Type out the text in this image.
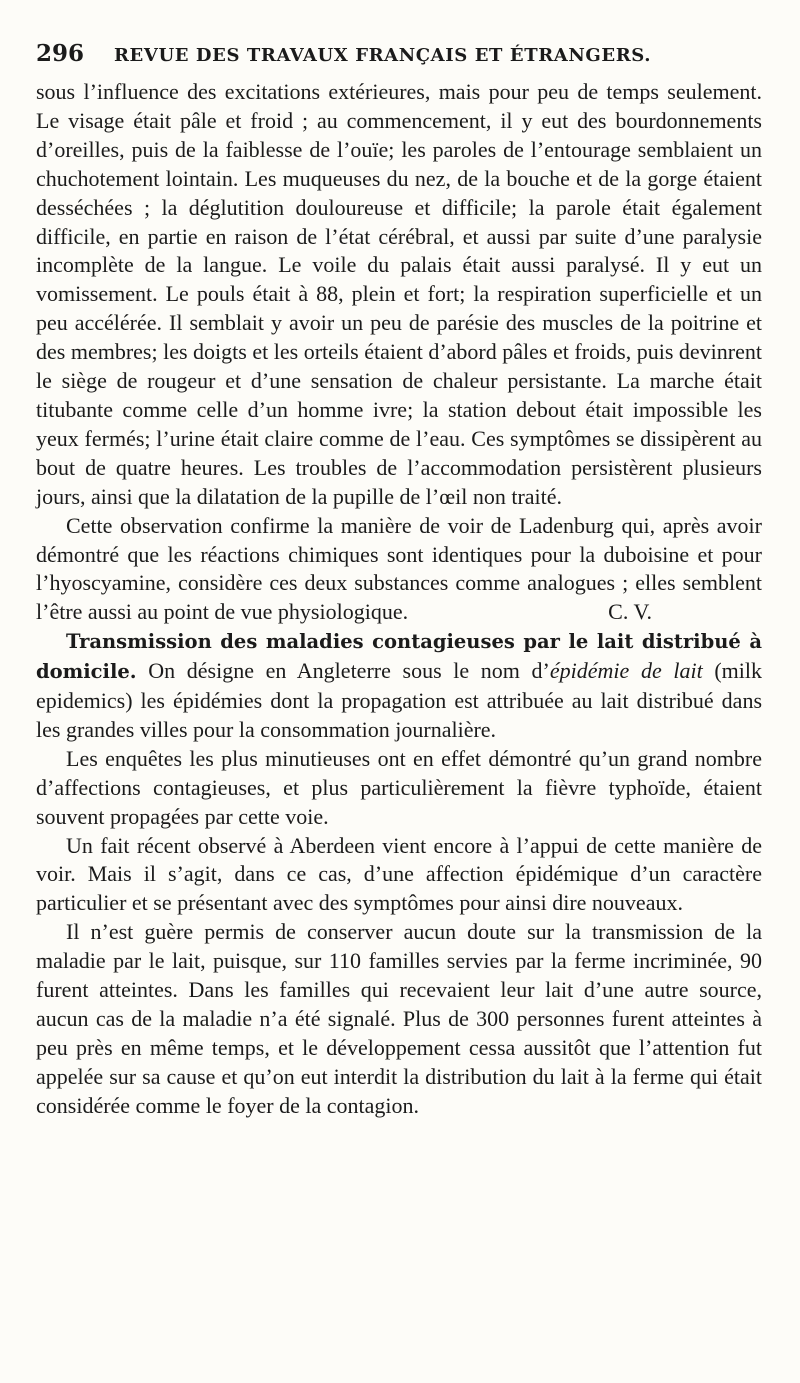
296	REVUE DES TRAVAUX FRANÇAIS ET ÉTRANGERS.

sous l’influence des excitations extérieures, mais pour peu de temps seulement. Le visage était pâle et froid ; au commencement, il y eut des bourdonnements d’oreilles, puis de la faiblesse de l’ouïe; les paroles de l’entourage semblaient un chuchotement lointain. Les muqueuses du nez, de la bouche et de la gorge étaient desséchées ; la déglutition douloureuse et difficile; la parole était également difficile, en partie en raison de l’état cérébral, et aussi par suite d’une paralysie incomplète de la langue. Le voile du palais était aussi paralysé. Il y eut un vomissement. Le pouls était à 88, plein et fort; la respiration superficielle et un peu accélérée. Il semblait y avoir un peu de parésie des muscles de la poitrine et des membres; les doigts et les orteils étaient d’abord pâles et froids, puis devinrent le siège de rougeur et d’une sensation de chaleur persistante. La marche était titubante comme celle d’un homme ivre; la station debout était impossible les yeux fermés; l’urine était claire comme de l’eau. Ces symptômes se dissipèrent au bout de quatre heures. Les troubles de l’accommodation persistèrent plusieurs jours, ainsi que la dilatation de la pupille de l’œil non traité.

Cette observation confirme la manière de voir de Ladenburg qui, après avoir démontré que les réactions chimiques sont identiques pour la duboisine et pour l’hyoscyamine, considère ces deux substances comme analogues ; elles semblent l’être aussi au point de vue physiologique.	C. V.

Transmission des maladies contagieuses par le lait distribué à domicile. On désigne en Angleterre sous le nom d’épidémie de lait (milk epidemics) les épidémies dont la propagation est attribuée au lait distribué dans les grandes villes pour la consommation journalière.

Les enquêtes les plus minutieuses ont en effet démontré qu’un grand nombre d’affections contagieuses, et plus particulièrement la fièvre typhoïde, étaient souvent propagées par cette voie.

Un fait récent observé à Aberdeen vient encore à l’appui de cette manière de voir. Mais il s’agit, dans ce cas, d’une affection épidémique d’un caractère particulier et se présentant avec des symptômes pour ainsi dire nouveaux.

Il n’est guère permis de conserver aucun doute sur la transmission de la maladie par le lait, puisque, sur 110 familles servies par la ferme incriminée, 90 furent atteintes. Dans les familles qui recevaient leur lait d’une autre source, aucun cas de la maladie n’a été signalé. Plus de 300 personnes furent atteintes à peu près en même temps, et le développement cessa aussitôt que l’attention fut appelée sur sa cause et qu’on eut interdit la distribution du lait à la ferme qui était considérée comme le foyer de la contagion.
